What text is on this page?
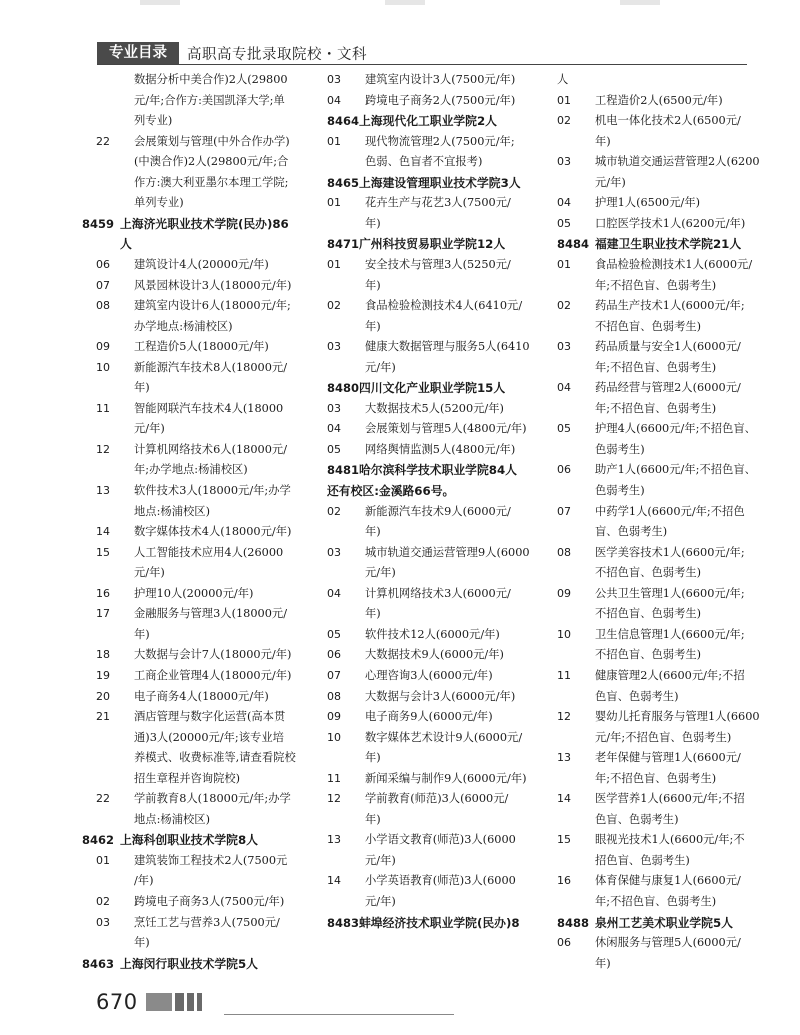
专业目录	高职高专批录取院校・文科
数据分析中美合作)2人(29800
元/年;合作方:美国凯泽大学;单
列专业)
22	会展策划与管理(中外合作办学)
(中澳合作)2人(29800元/年;合
作方:澳大利亚墨尔本理工学院;
单列专业)
8459 上海济光职业技术学院(民办)86
人
06	建筑设计4人(20000元/年)
07	风景园林设计3人(18000元/年)
08	建筑室内设计6人(18000元/年;
办学地点:杨浦校区)
09	工程造价5人(18000元/年)
10	新能源汽车技术8人(18000元/
年)
11	智能网联汽车技术4人(18000
元/年)
12	计算机网络技术6人(18000元/
年;办学地点:杨浦校区)
13	软件技术3人(18000元/年;办学
地点:杨浦校区)
14	数字媒体技术4人(18000元/年)
15	人工智能技术应用4人(26000
元/年)
16	护理10人(20000元/年)
17	金融服务与管理3人(18000元/
年)
18	大数据与会计7人(18000元/年)
19	工商企业管理4人(18000元/年)
20	电子商务4人(18000元/年)
21	酒店管理与数字化运营(高本贯
通)3人(20000元/年;该专业培
养模式、收费标准等,请查看院校
招生章程并咨询院校)
22	学前教育8人(18000元/年;办学
地点:杨浦校区)
8462 上海科创职业技术学院8人
01	建筑装饰工程技术2人(7500元
/年)
02	跨境电子商务3人(7500元/年)
03	烹饪工艺与营养3人(7500元/
年)
8463 上海闵行职业技术学院5人
03	建筑室内设计3人(7500元/年)
04	跨境电子商务2人(7500元/年)
8464 上海现代化工职业学院2人
01	现代物流管理2人(7500元/年;
色弱、色盲者不宜报考)
8465 上海建设管理职业技术学院3人
01	花卉生产与花艺3人(7500元/
年)
8471 广州科技贸易职业学院12人
01	安全技术与管理3人(5250元/
年)
02	食品检验检测技术4人(6410元/
年)
03	健康大数据管理与服务5人(6410
元/年)
8480 四川文化产业职业学院15人
03	大数据技术5人(5200元/年)
04	会展策划与管理5人(4800元/年)
05	网络舆情监测5人(4800元/年)
8481 哈尔滨科学技术职业学院84人
还有校区:金溪路66号。
02	新能源汽车技术9人(6000元/
年)
03	城市轨道交通运营管理9人(6000
元/年)
04	计算机网络技术3人(6000元/
年)
05	软件技术12人(6000元/年)
06	大数据技术9人(6000元/年)
07	心理咨询3人(6000元/年)
08	大数据与会计3人(6000元/年)
09	电子商务9人(6000元/年)
10	数字媒体艺术设计9人(6000元/
年)
11	新闻采编与制作9人(6000元/年)
12	学前教育(师范)3人(6000元/
年)
13	小学语文教育(师范)3人(6000
元/年)
14	小学英语教育(师范)3人(6000
元/年)
8483 蚌埠经济技术职业学院(民办)8
人
01	工程造价2人(6500元/年)
02	机电一体化技术2人(6500元/
年)
03	城市轨道交通运营管理2人(6200
元/年)
04	护理1人(6500元/年)
05	口腔医学技术1人(6200元/年)
8484 福建卫生职业技术学院21人
01	食品检验检测技术1人(6000元/
年;不招色盲、色弱考生)
02	药品生产技术1人(6000元/年;
不招色盲、色弱考生)
03	药品质量与安全1人(6000元/
年;不招色盲、色弱考生)
04	药品经营与管理2人(6000元/
年;不招色盲、色弱考生)
05	护理4人(6600元/年;不招色盲、
色弱考生)
06	助产1人(6600元/年;不招色盲、
色弱考生)
07	中药学1人(6600元/年;不招色
盲、色弱考生)
08	医学美容技术1人(6600元/年;
不招色盲、色弱考生)
09	公共卫生管理1人(6600元/年;
不招色盲、色弱考生)
10	卫生信息管理1人(6600元/年;
不招色盲、色弱考生)
11	健康管理2人(6600元/年;不招
色盲、色弱考生)
12	婴幼儿托育服务与管理1人(6600
元/年;不招色盲、色弱考生)
13	老年保健与管理1人(6600元/
年;不招色盲、色弱考生)
14	医学营养1人(6600元/年;不招
色盲、色弱考生)
15	眼视光技术1人(6600元/年;不
招色盲、色弱考生)
16	体育保健与康复1人(6600元/
年;不招色盲、色弱考生)
8488 泉州工艺美术职业学院5人
06	休闲服务与管理5人(6000元/
年)
670
